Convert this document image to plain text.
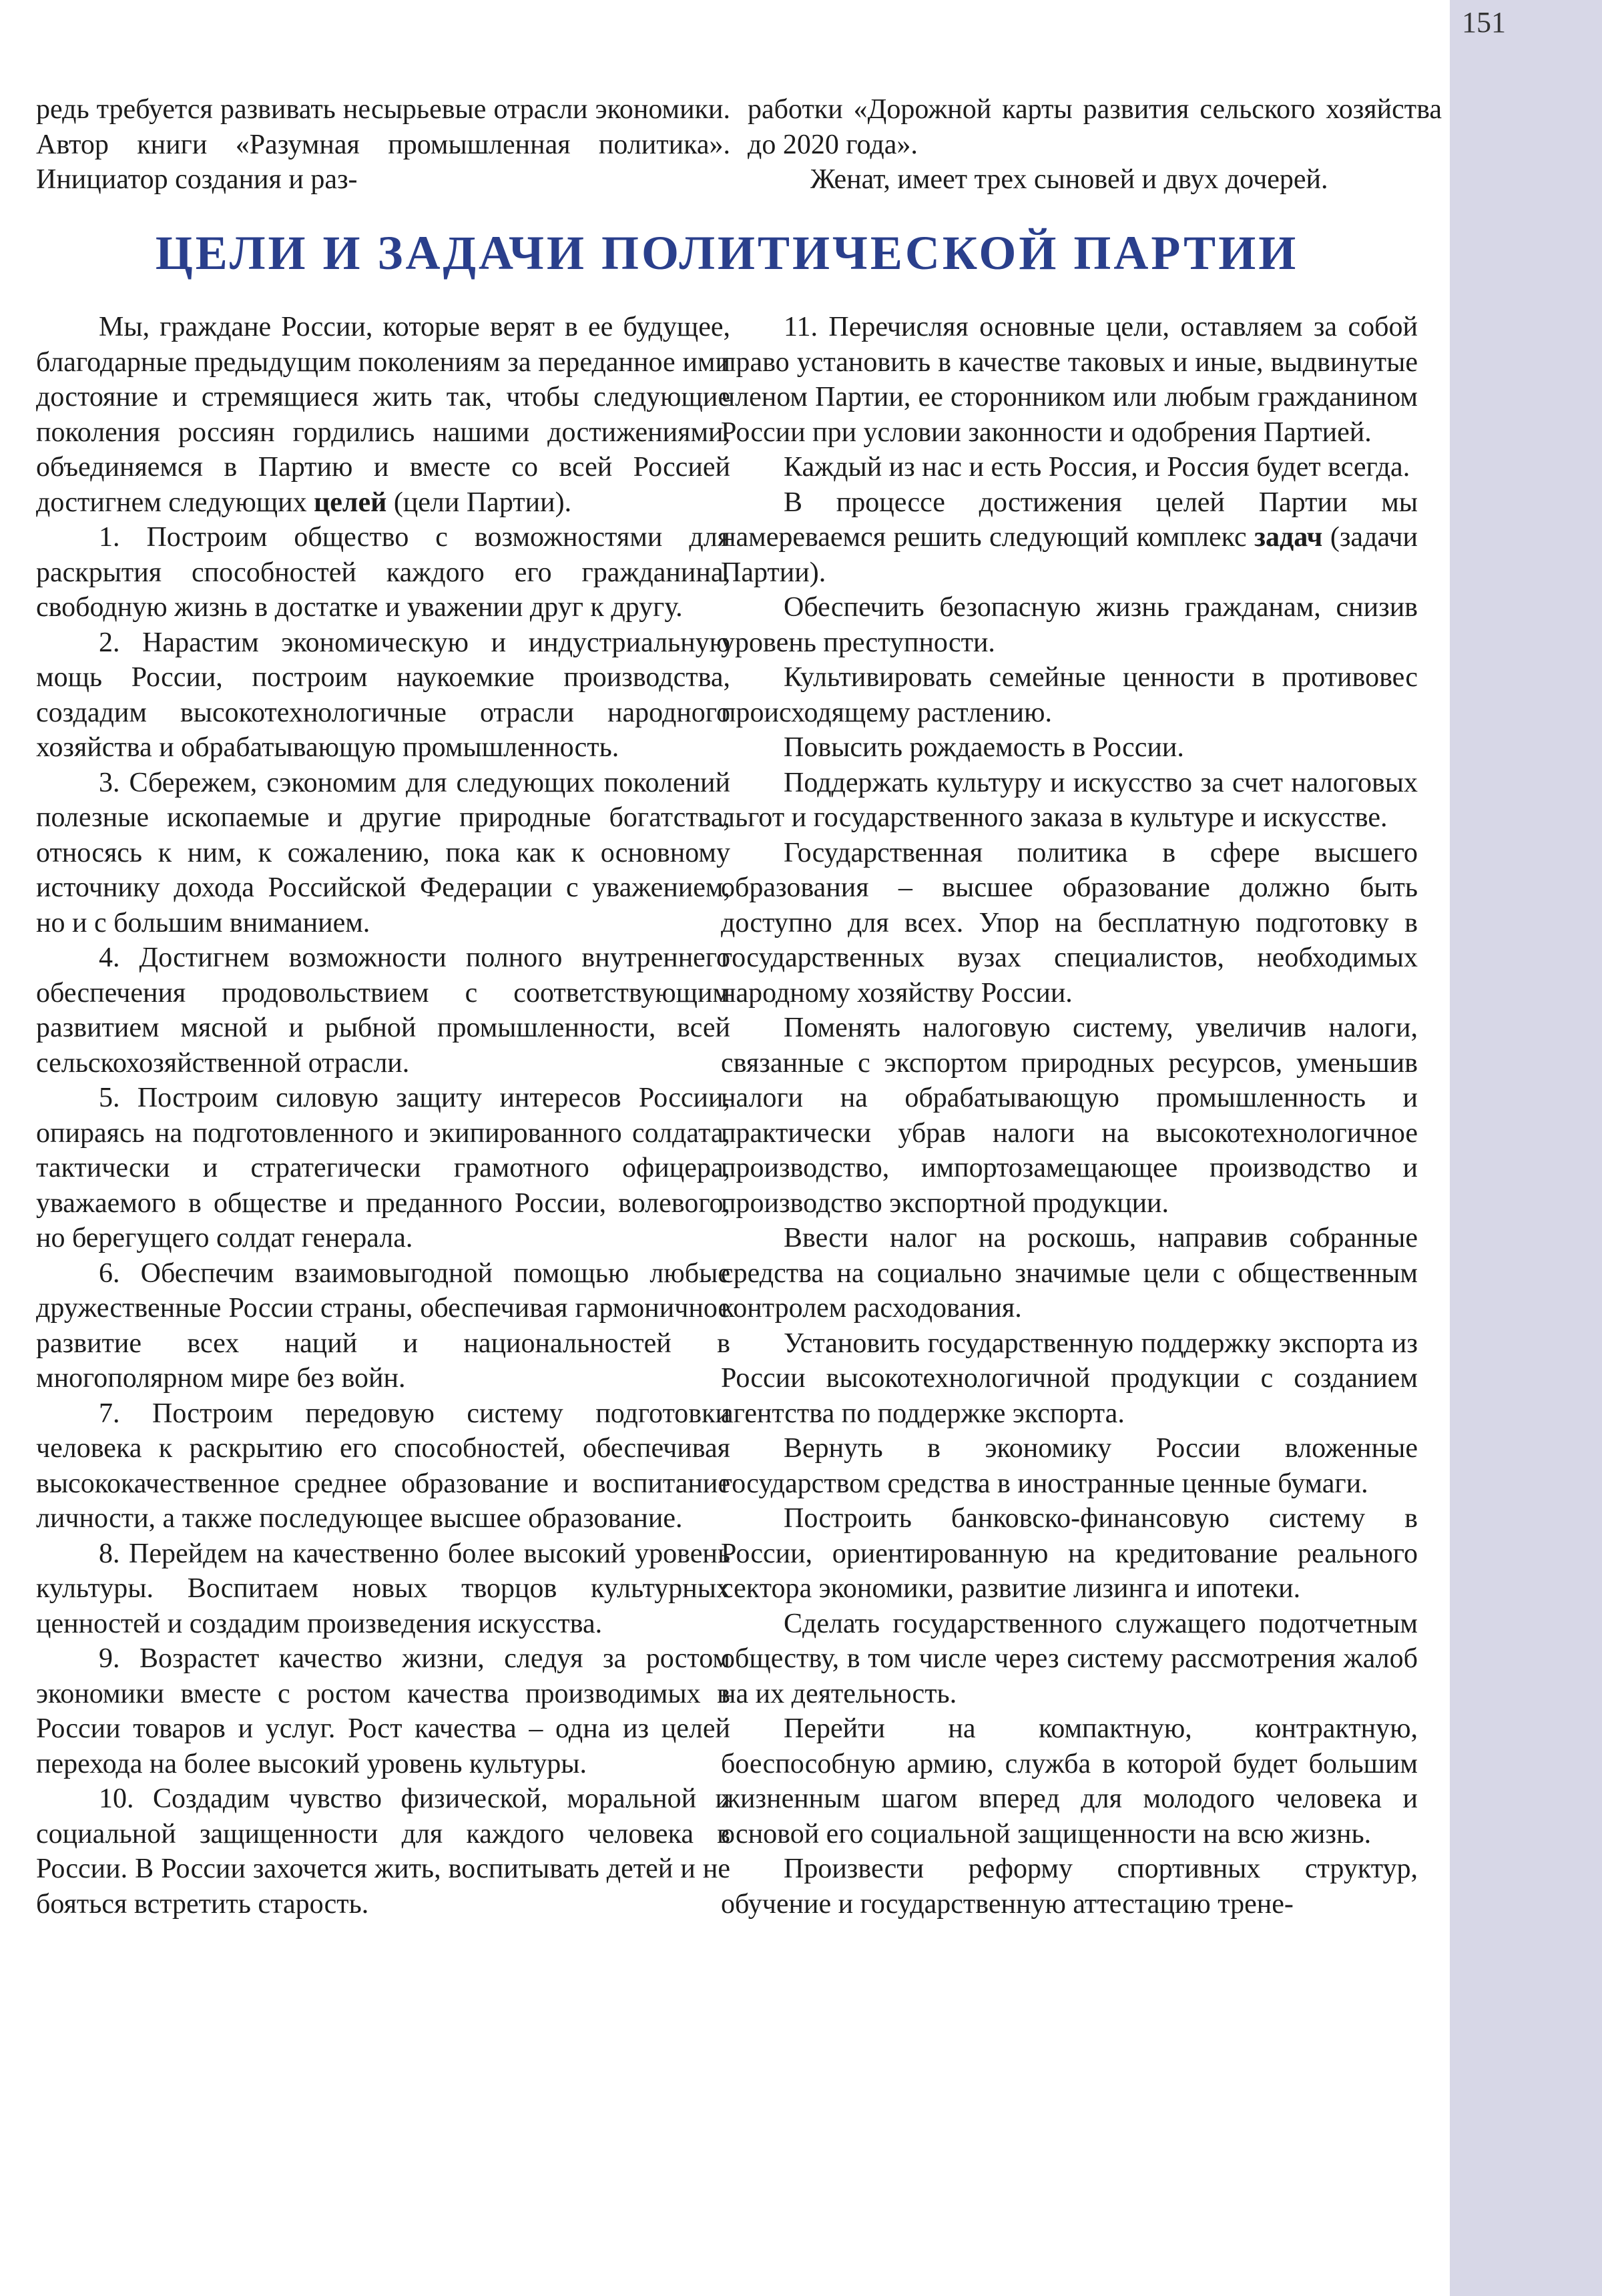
151

редь требуется развивать несырьевые отрасли экономики. Автор книги «Разумная промышленная политика». Инициатор создания и раз-

работки «Дорожной карты развития сельского хозяйства до 2020 года».

Женат, имеет трех сыновей и двух дочерей.

ЦЕЛИ И ЗАДАЧИ ПОЛИТИЧЕСКОЙ ПАРТИИ

Мы, граждане России, которые верят в ее будущее, благодарные предыдущим поколениям за переданное ими достояние и стремящиеся жить так, чтобы следующие поколения россиян гордились нашими достижениями, объединяемся в Партию и вместе со всей Россией достигнем следующих целей (цели Партии).

1. Построим общество с возможностями для раскрытия способностей каждого его гражданина, свободную жизнь в достатке и уважении друг к другу.

2. Нарастим экономическую и индустриальную мощь России, построим наукоемкие производства, создадим высокотехнологичные отрасли народного хозяйства и обрабатывающую промышленность.

3. Сбережем, сэкономим для следующих поколений полезные ископаемые и другие природные богатства, относясь к ним, к сожалению, пока как к основному источнику дохода Российской Федерации с уважением, но и с большим вниманием.

4. Достигнем возможности полного внутреннего обеспечения продовольствием с соответствующим развитием мясной и рыбной промышленности, всей сельскохозяйственной отрасли.

5. Построим силовую защиту интересов России, опираясь на подготовленного и экипированного солдата, тактически и стратегически грамотного офицера, уважаемого в обществе и преданного России, волевого, но берегущего солдат генерала.

6. Обеспечим взаимовыгодной помощью любые дружественные России страны, обеспечивая гармоничное развитие всех наций и национальностей в многополярном мире без войн.

7. Построим передовую систему подготовки человека к раскрытию его способностей, обеспечивая высококачественное среднее образование и воспитание личности, а также последующее высшее образование.

8. Перейдем на качественно более высокий уровень культуры. Воспитаем новых творцов культурных ценностей и создадим произведения искусства.

9. Возрастет качество жизни, следуя за ростом экономики вместе с ростом качества производимых в России товаров и услуг. Рост качества – одна из целей перехода на более высокий уровень культуры.

10. Создадим чувство физической, моральной и социальной защищенности для каждого человека в России. В России захочется жить, воспитывать детей и не бояться встретить старость.

11. Перечисляя основные цели, оставляем за собой право установить в качестве таковых и иные, выдвинутые членом Партии, ее сторонником или любым гражданином России при условии законности и одобрения Партией.

Каждый из нас и есть Россия, и Россия будет всегда.

В процессе достижения целей Партии мы намереваемся решить следующий комплекс задач (задачи Партии).

Обеспечить безопасную жизнь гражданам, снизив уровень преступности.

Культивировать семейные ценности в противовес происходящему растлению.

Повысить рождаемость в России.

Поддержать культуру и искусство за счет налоговых льгот и государственного заказа в культуре и искусстве.

Государственная политика в сфере высшего образования – высшее образование должно быть доступно для всех. Упор на бесплатную подготовку в государственных вузах специалистов, необходимых народному хозяйству России.

Поменять налоговую систему, увеличив налоги, связанные с экспортом природных ресурсов, уменьшив налоги на обрабатывающую промышленность и практически убрав налоги на высокотехнологичное производство, импортозамещающее производство и производство экспортной продукции.

Ввести налог на роскошь, направив собранные средства на социально значимые цели с общественным контролем расходования.

Установить государственную поддержку экспорта из России высокотехнологичной продукции с созданием агентства по поддержке экспорта.

Вернуть в экономику России вложенные государством средства в иностранные ценные бумаги.

Построить банковско-финансовую систему в России, ориентированную на кредитование реального сектора экономики, развитие лизинга и ипотеки.

Сделать государственного служащего подотчетным обществу, в том числе через систему рассмотрения жалоб на их деятельность.

Перейти на компактную, контрактную, боеспособную армию, служба в которой будет большим жизненным шагом вперед для молодого человека и основой его социальной защищенности на всю жизнь.

Произвести реформу спортивных структур, обучение и государственную аттестацию трене-
